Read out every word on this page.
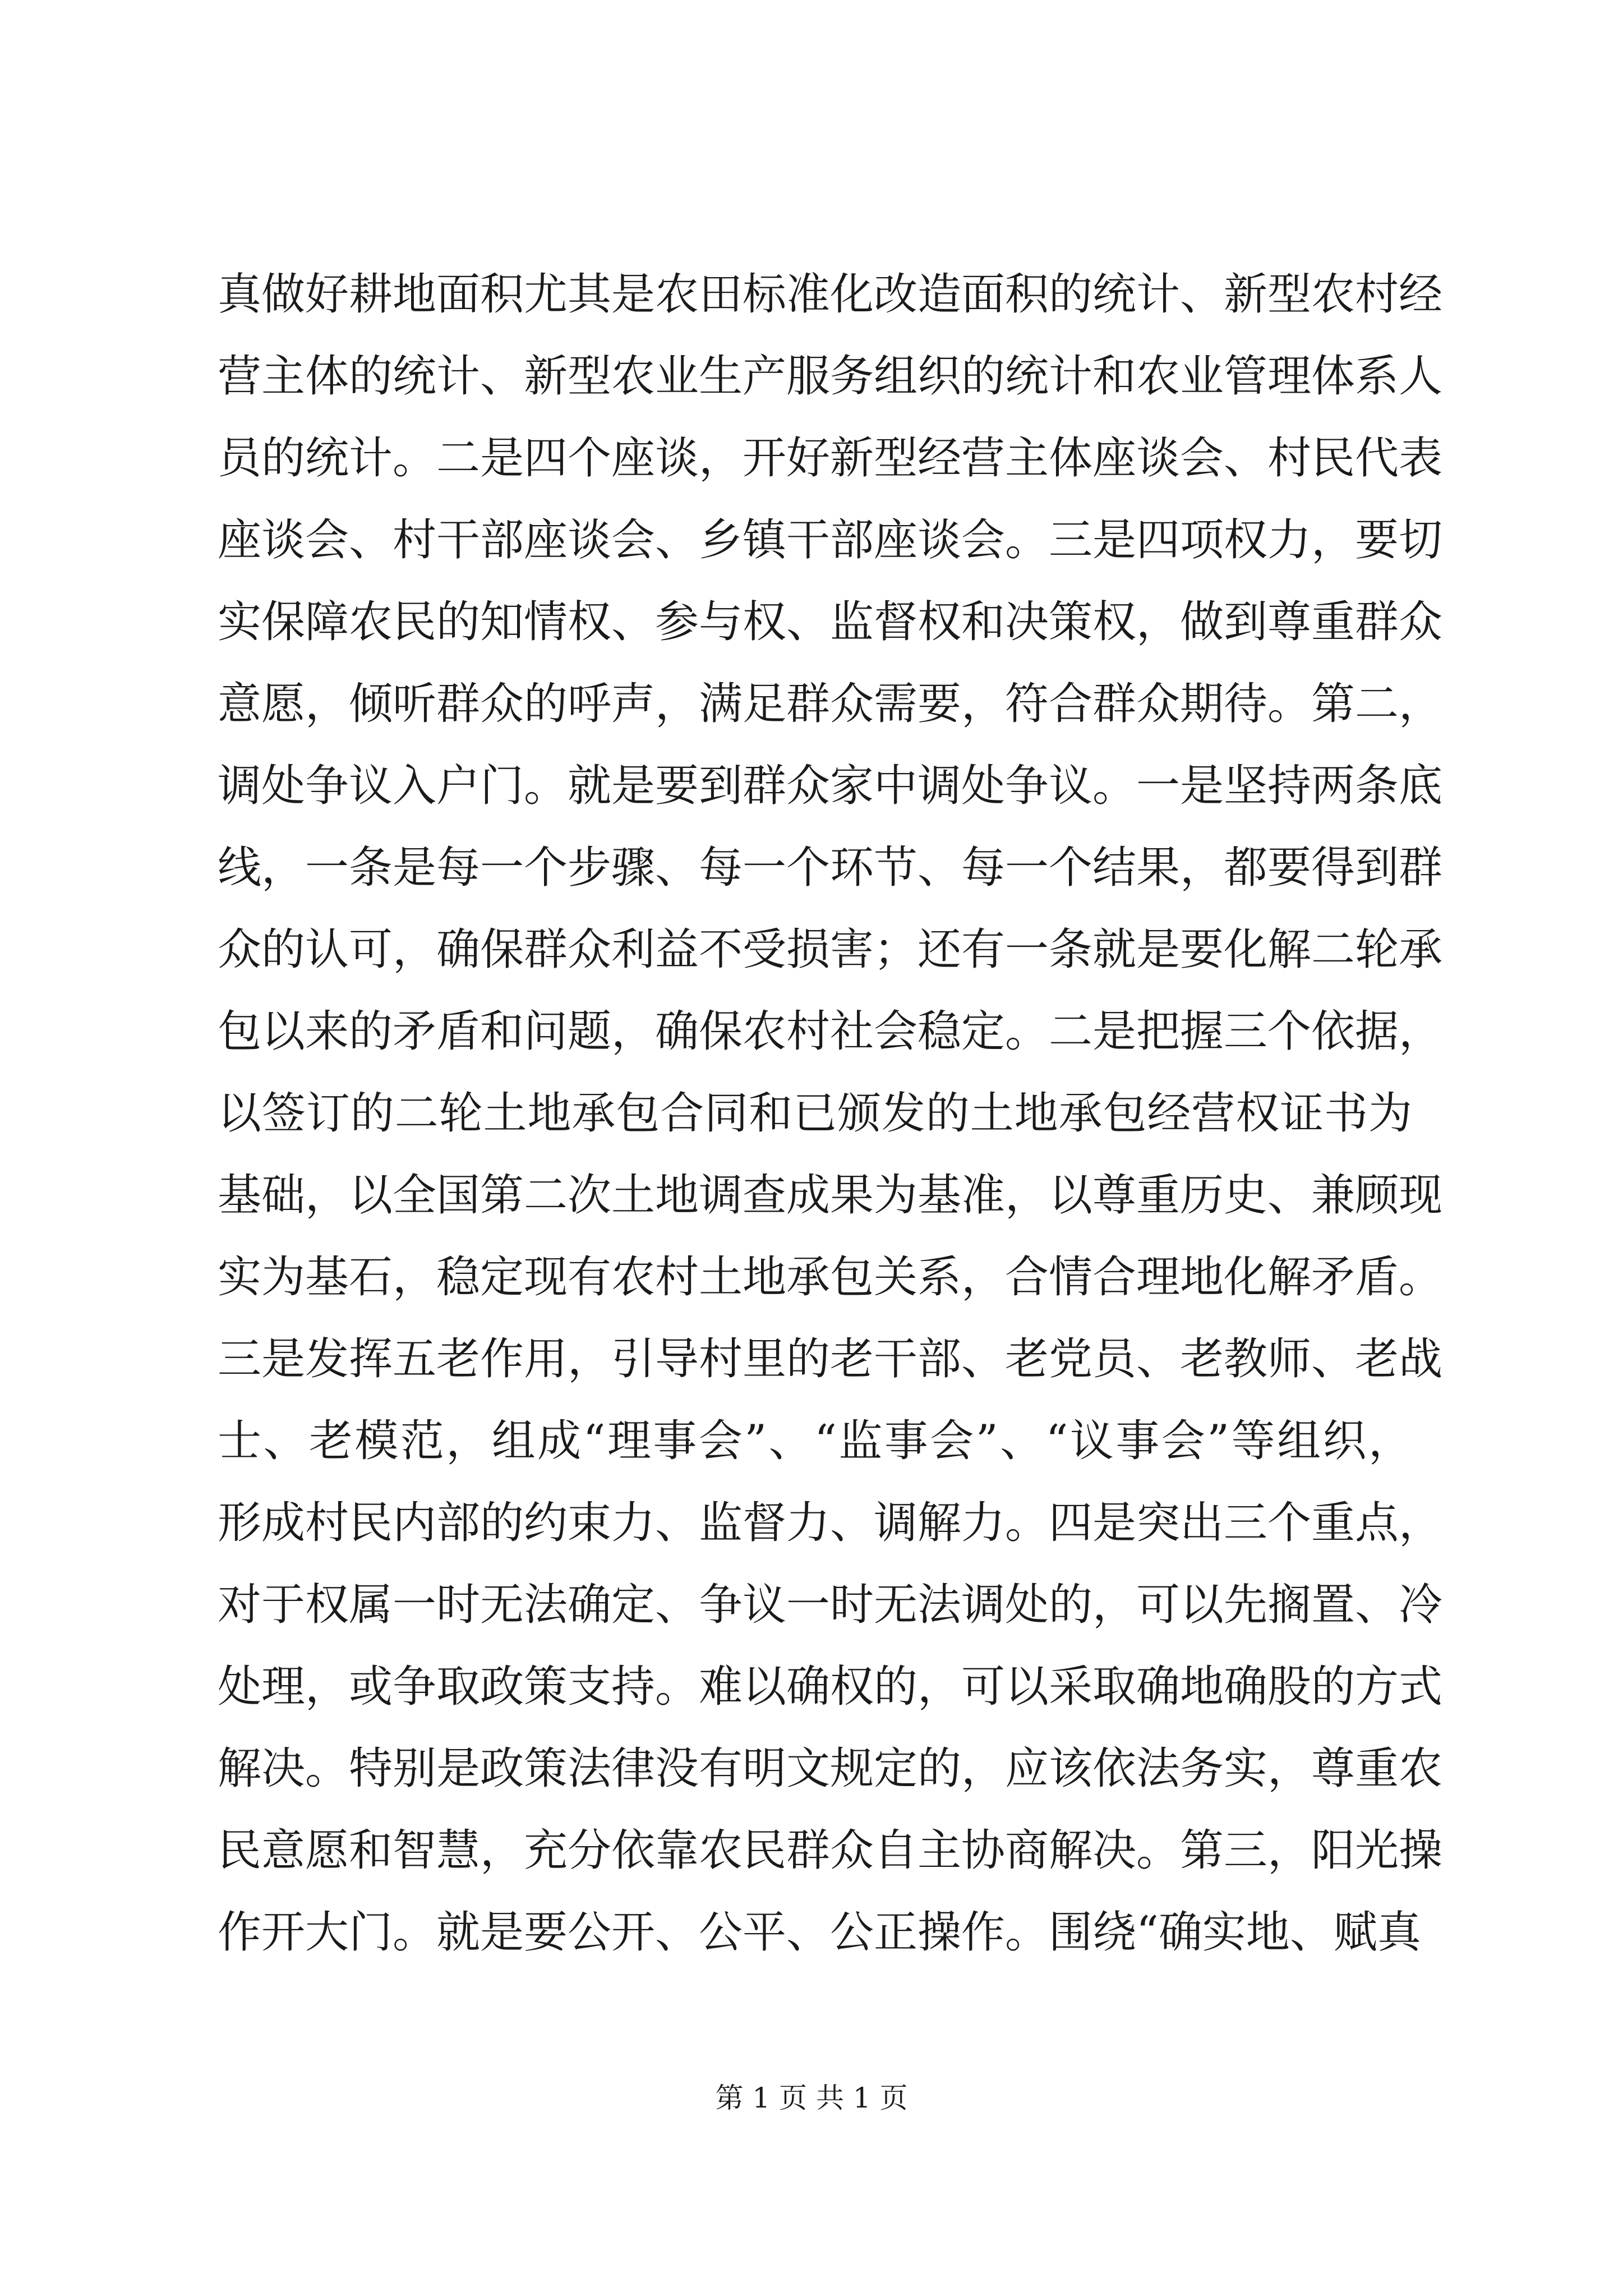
真做好耕地面积尤其是农田标准化改造面积的统计、新型农村经
营主体的统计、新型农业生产服务组织的统计和农业管理体系人
员的统计。二是四个座谈，开好新型经营主体座谈会、村民代表
座谈会、村干部座谈会、乡镇干部座谈会。三是四项权力，要切
实保障农民的知情权、参与权、监督权和决策权，做到尊重群众
意愿，倾听群众的呼声，满足群众需要，符合群众期待。第二，
调处争议入户门。就是要到群众家中调处争议。一是坚持两条底
线，一条是每一个步骤、每一个环节、每一个结果，都要得到群
众的认可，确保群众利益不受损害；还有一条就是要化解二轮承
包以来的矛盾和问题，确保农村社会稳定。二是把握三个依据，
以签订的二轮土地承包合同和已颁发的土地承包经营权证书为
基础，以全国第二次土地调查成果为基准，以尊重历史、兼顾现
实为基石，稳定现有农村土地承包关系，合情合理地化解矛盾。
三是发挥五老作用，引导村里的老干部、老党员、老教师、老战
士、老模范，组成“理事会”、“监事会”、“议事会”等组织，
形成村民内部的约束力、监督力、调解力。四是突出三个重点，
对于权属一时无法确定、争议一时无法调处的，可以先搁置、冷
处理，或争取政策支持。难以确权的，可以采取确地确股的方式
解决。特别是政策法律没有明文规定的，应该依法务实，尊重农
民意愿和智慧，充分依靠农民群众自主协商解决。第三，阳光操
作开大门。就是要公开、公平、公正操作。围绕“确实地、赋真
第 1 页 共 1 页
